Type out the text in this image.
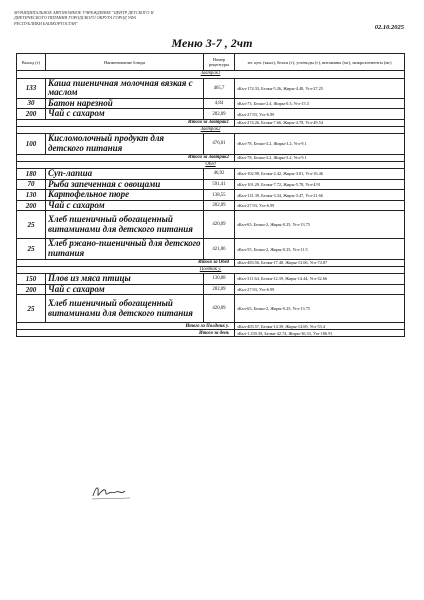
МУНИЦИПАЛЬНОЕ АВТОНОМНОЕ УЧРЕЖДЕНИЕ "ЦЕНТР ДЕТСКОГО И
ДИЕТИЧЕСКОГО ПИТАНИЯ ГОРОДСКОГО ОКРУГА ГОРОД УФА
РЕСПУБЛИКИ БАШКОРТОСТАН"
02.10.2025
Меню 3-7 , 2чт
Выход (г)	Наименование блюда	Номер рецептуры	эн. цен. (ккал), белки (г), углеводы (г), витамины (мг), микроэлементы (мг)
Завтрак1			
133	Каша пшеничная молочная вязкая с маслом	465,7	эКал-174.33, Белки-5.26, Жиры-4.48, Угл-27.25
30	Батон нарезной	4,84	эКал-73, Белки-2.4, Жиры-0.3, Угл-15.3
200	Чай с сахаром	282,09	эКал-27.93, Угл-6.99
Итого за Завтрак1			эКал-274.26, Белки-7.66, Жиры-4.78, Угл-49.54
Завтрак2			
100	Кисломолочный продукт для детского питания	476,01	эКал-78, Белки-3.2, Жиры-3.2, Угл-9.1
Итого за Завтрак2			эКал-78, Белки-3.2, Жиры-3.2, Угл-9.1
Обед			
180	Суп-лапша	46,92	эКал-102.98, Белки-2.42, Жиры-3.01, Угл-16.46
70	Рыба запеченная с овощами	591,41	эКал-101.29, Белки-7.72, Жиры-5.78, Угл-4.91
130	Картофельное пюре	138,55	эКал-131.39, Белки-3.34, Жиры-3.47, Угл-21.66
200	Чай с сахаром	282,09	эКал-27.93, Угл-6.99
25	Хлеб пшеничный обогащенный витаминами для детского питания	420,09	эКал-65, Белки-2, Жиры-0.25, Угл-13.75
25	Хлеб ржано-пшеничный для детского питания	421,06	эКал-55, Белки-2, Жиры-0.25, Угл-11.5
Итого за Обед			эКал-483.56, Белки-17.48, Жиры-13.66, Угл-74.87
Полдник у.			
150	Плов из мяса птицы	130,08	эКал-311.64, Белки-12.39, Жиры-14.44, Угл-32.66
200	Чай с сахаром	282,09	эКал-27.93, Угл-6.99
25	Хлеб пшеничный обогащенный витаминами для детского питания	420,09	эКал-65, Белки-2, Жиры-0.25, Угл-13.75
Итого за Полдник у.			эКал-403.57, Белки-14.39, Жиры-14.69, Угл-53.4
Итого за день			эКал-1 239.39, Белки-42.74, Жиры-36.33, Угл-186.91
